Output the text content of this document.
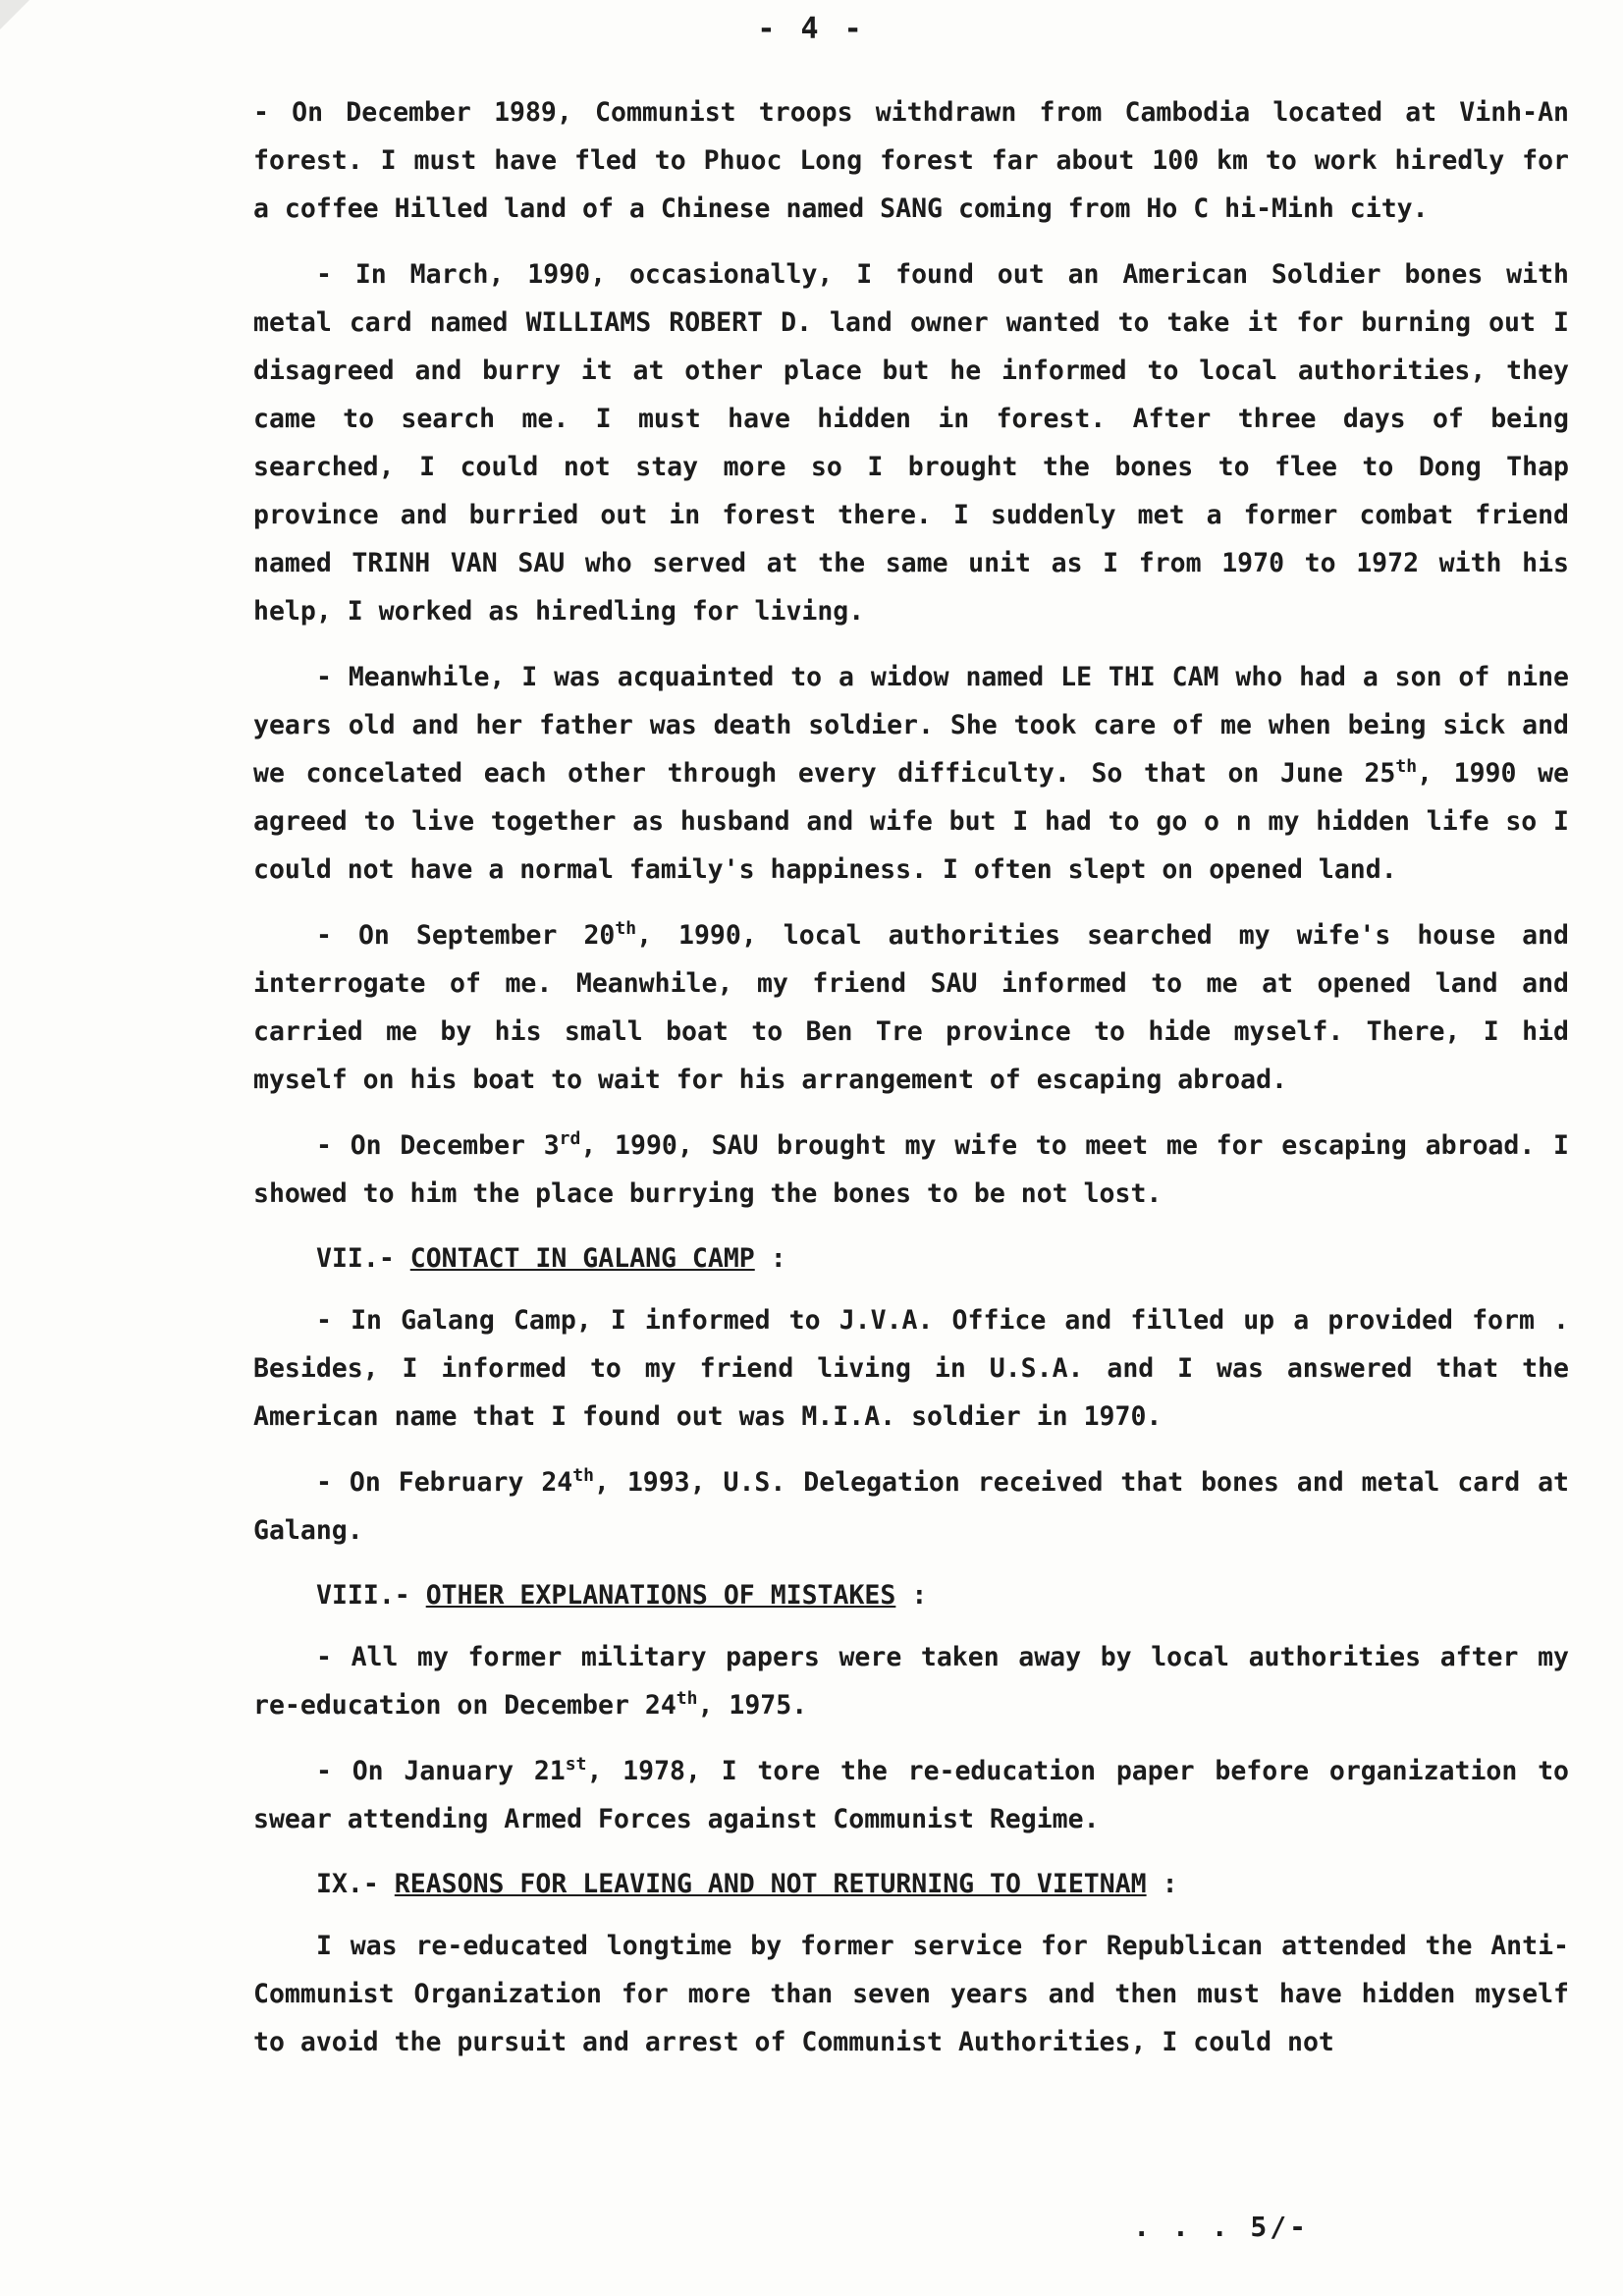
- 4 -

- On December 1989, Communist troops withdrawn from Cambodia located at Vinh-An forest. I must have fled to Phuoc Long forest far about 100 km to work hiredly for a coffee Hilled land of a Chinese named SANG coming from Ho C hi-Minh city.

- In March, 1990, occasionally, I found out an American Soldier bones with metal card named WILLIAMS ROBERT D. land owner wanted to take it for burning out I disagreed and burry it at other place but he informed to local authorities, they came to search me. I must have hidden in forest. After three days of being searched, I could not stay more so I brought the bones to flee to Dong Thap province and burried out in forest there. I suddenly met a former combat friend named TRINH VAN SAU who served at the same unit as I from 1970 to 1972 with his help, I worked as hiredling for living.

- Meanwhile, I was acquainted to a widow named LE THI CAM who had a son of nine years old and her father was death soldier. She took care of me when being sick and we concelated each other through every difficulty. So that on June 25th, 1990 we agreed to live together as husband and wife but I had to go o n my hidden life so I could not have a normal family's happiness. I often slept on opened land.

- On September 20th, 1990, local authorities searched my wife's house and interrogate of me. Meanwhile, my friend SAU informed to me at opened land and carried me by his small boat to Ben Tre province to hide myself. There, I hid myself on his boat to wait for his arrangement of escaping abroad.

- On December 3rd, 1990, SAU brought my wife to meet me for escaping abroad. I showed to him the place burrying the bones to be not lost.

VII.- CONTACT IN GALANG CAMP :

- In Galang Camp, I informed to J.V.A. Office and filled up a provided form . Besides, I informed to my friend living in U.S.A. and I was answered that the American name that I found out was M.I.A. soldier in 1970.

- On February 24th, 1993, U.S. Delegation received that bones and metal card at Galang.

VIII.- OTHER EXPLANATIONS OF MISTAKES :

- All my former military papers were taken away by local authorities after my re-education on December 24th, 1975.

- On January 21st, 1978, I tore the re-education paper before organization to swear attending Armed Forces against Communist Regime.

IX.- REASONS FOR LEAVING AND NOT RETURNING TO VIETNAM :

I was re-educated longtime by former service for Republican attended the Anti-Communist Organization for more than seven years and then must have hidden myself to avoid the pursuit and arrest of Communist Authorities, I could not

. . . 5/-
